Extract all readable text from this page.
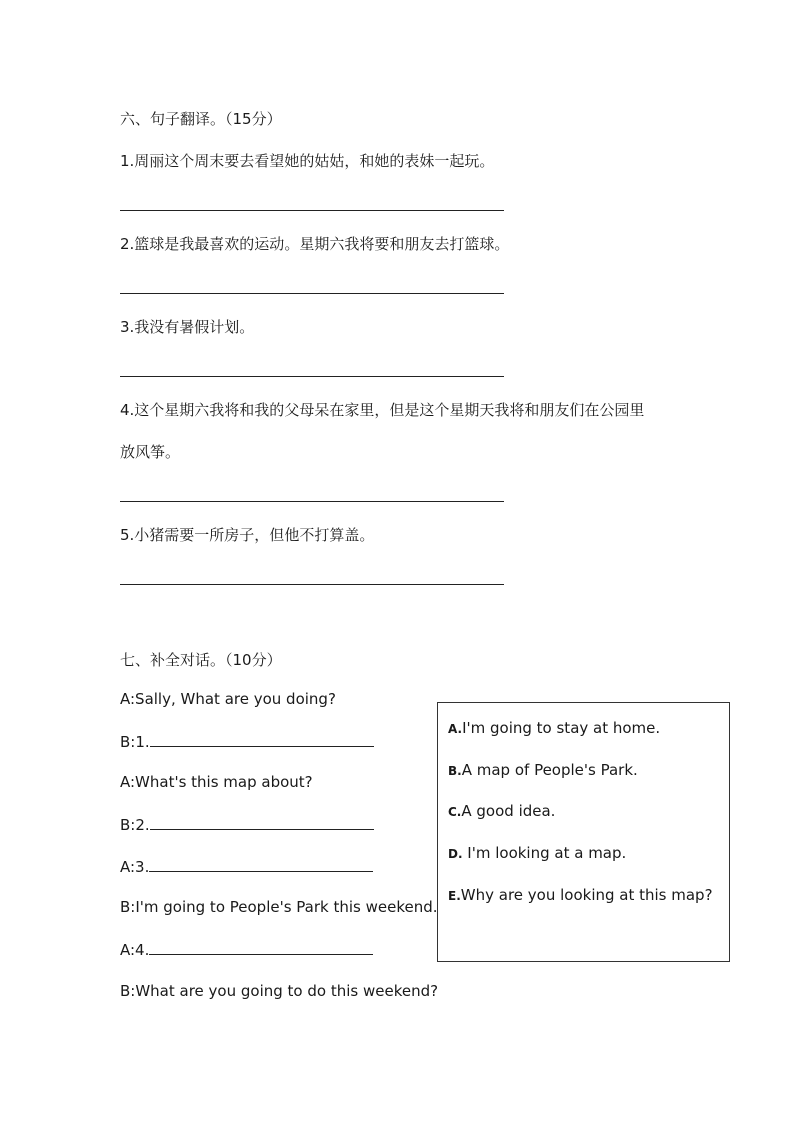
六、句子翻译。（15分）
1.周丽这个周末要去看望她的姑姑，和她的表妹一起玩。
2.篮球是我最喜欢的运动。星期六我将要和朋友去打篮球。
3.我没有暑假计划。
4.这个星期六我将和我的父母呆在家里，但是这个星期天我将和朋友们在公园里
放风筝。
5.小猪需要一所房子，但他不打算盖。
七、补全对话。（10分）
A:Sally, What are you doing?
B:1.
A:What's this map about?
B:2.
A:3.
B:I'm going to People's Park this weekend.
A:4.
B:What are you going to do this weekend?
A.I'm going to stay at home.
B.A map of People's Park.
C.A good idea.
D. I'm looking at a map.
E.Why are you looking at this map?
